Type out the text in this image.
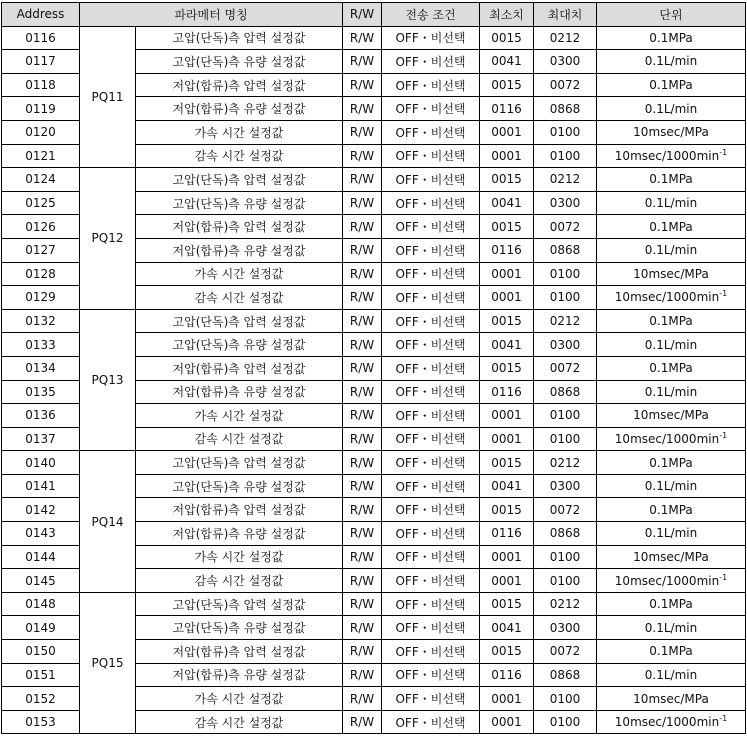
Address	파라메터 명칭		R/W	전송 조건	최소치	최대치	단위
0116	PQ11	고압(단독)측 압력 설정값	R/W	OFF・비선택	0015	0212	0.1MPa
0117		고압(단독)측 유량 설정값	R/W	OFF・비선택	0041	0300	0.1L/min
0118		저압(합류)측 압력 설정값	R/W	OFF・비선택	0015	0072	0.1MPa
0119		저압(합류)측 유량 설정값	R/W	OFF・비선택	0116	0868	0.1L/min
0120		가속 시간 설정값	R/W	OFF・비선택	0001	0100	10msec/MPa
0121		감속 시간 설정값	R/W	OFF・비선택	0001	0100	$10msec/1000\min^{-1}$
0124	PQ12	고압(단독)측 압력 설정값	R/W	OFF・비선택	0015	0212	0.1MPa
0125		고압(단독)측 유량 설정값	R/W	OFF・비선택	0041	0300	0.1L/min
0126		저압(합류)측 압력 설정값	R/W	OFF・비선택	0015	0072	0.1MPa
0127		저압(합류)측 유량 설정값	R/W	OFF・비선택	0116	0868	0.1L/min
0128		가속 시간 설정값	R/W	OFF・비선택	0001	0100	10msec/MPa
0129		감속 시간 설정값	R/W	OFF・비선택	0001	0100	$10msec/1000\min^{-1}$
0132	PQ13	고압(단독)측 압력 설정값	R/W	OFF・비선택	0015	0212	0.1MPa
0133		고압(단독)측 유량 설정값	R/W	OFF・비선택	0041	0300	0.1L/min
0134		저압(합류)측 압력 설정값	R/W	OFF・비선택	0015	0072	0.1MPa
0135		저압(합류)측 유량 설정값	R/W	OFF・비선택	0116	0868	0.1L/min
0136		가속 시간 설정값	R/W	OFF・비선택	0001	0100	10msec/MPa
0137		감속 시간 설정값	R/W	OFF・비선택	0001	0100	$10msec/1000\min^{-1}$
0140	PQ14	고압(단독)측 압력 설정값	R/W	OFF・비선택	0015	0212	0.1MPa
0141		고압(단독)측 유량 설정값	R/W	OFF・비선택	0041	0300	0.1L/min
0142		저압(합류)측 압력 설정값	R/W	OFF・비선택	0015	0072	0.1MPa
0143		저압(합류)측 유량 설정값	R/W	OFF・비선택	0116	0868	0.1L/min
0144		가속 시간 설정값	R/W	OFF・비선택	0001	0100	10msec/MPa
0145		감속 시간 설정값	R/W	OFF・비선택	0001	0100	$10msec/1000\min^{-1}$
0148	PQ15	고압(단독)측 압력 설정값	R/W	OFF・비선택	0015	0212	0.1MPa
0149		고압(단독)측 유량 설정값	R/W	OFF・비선택	0041	0300	0.1L/min
0150		저압(합류)측 압력 설정값	R/W	OFF・비선택	0015	0072	0.1MPa
0151		저압(합류)측 유량 설정값	R/W	OFF・비선택	0116	0868	0.1L/min
0152		가속 시간 설정값	R/W	OFF・비선택	0001	0100	10msec/MPa
0153		감속 시간 설정값	R/W	OFF・비선택	0001	0100	$10msec/1000\min^{-1}$
